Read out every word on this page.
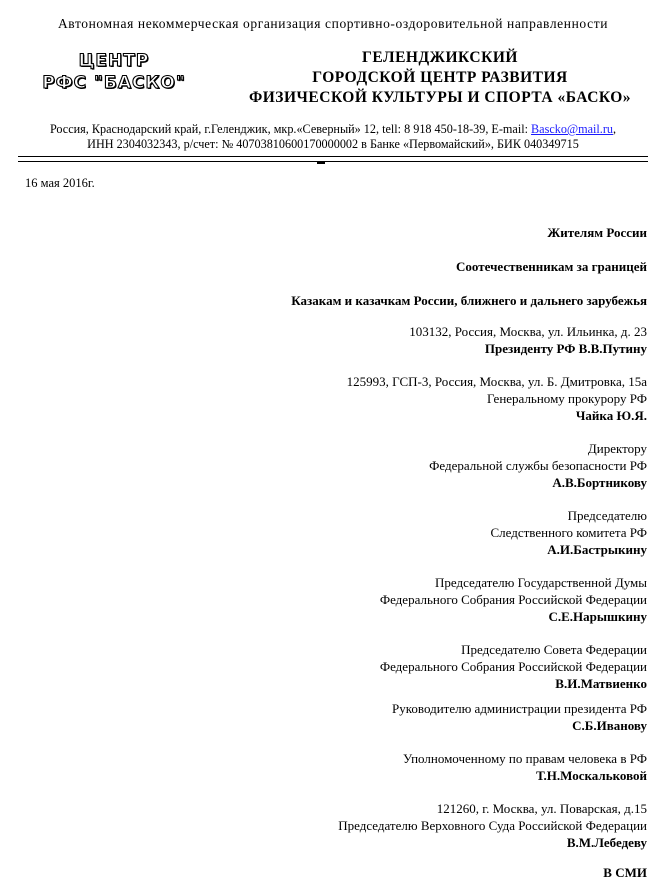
Автономная некоммерческая организация спортивно-оздоровительной направленности
ЦЕНТР
РФС "БАСКО"
ГЕЛЕНДЖИКСКИЙ
ГОРОДСКОЙ ЦЕНТР РАЗВИТИЯ
ФИЗИЧЕСКОЙ КУЛЬТУРЫ И СПОРТА «БАСКО»
Россия, Краснодарский край, г.Геленджик, мкр.«Северный» 12, tell: 8 918 450-18-39, E-mail: Basсko@mail.ru,
ИНН 2304032343, р/счет: № 40703810600170000002 в Банке «Первомайский», БИК 040349715
▬
16 мая 2016г.
Жителям России
Соотечественникам за границей
Казакам и казачкам России, ближнего и дальнего зарубежья
103132, Россия, Москва, ул. Ильинка, д. 23
Президенту РФ В.В.Путину
125993, ГСП-3, Россия, Москва, ул. Б. Дмитровка, 15а
Генеральному прокурору РФ
Чайка Ю.Я.
Директору
Федеральной службы безопасности РФ
А.В.Бортникову
Председателю
Следственного комитета РФ
А.И.Бастрыкину
Председателю Государственной Думы
Федерального Собрания Российской Федерации
С.Е.Нарышкину
Председателю Совета Федерации
Федерального Собрания Российской Федерации
В.И.Матвиенко
Руководителю администрации президента РФ
С.Б.Иванову
Уполномоченному по правам человека в РФ
Т.Н.Москальковой
121260, г. Москва, ул. Поварская, д.15
Председателю Верховного Суда Российской Федерации
В.М.Лебедеву
В СМИ
